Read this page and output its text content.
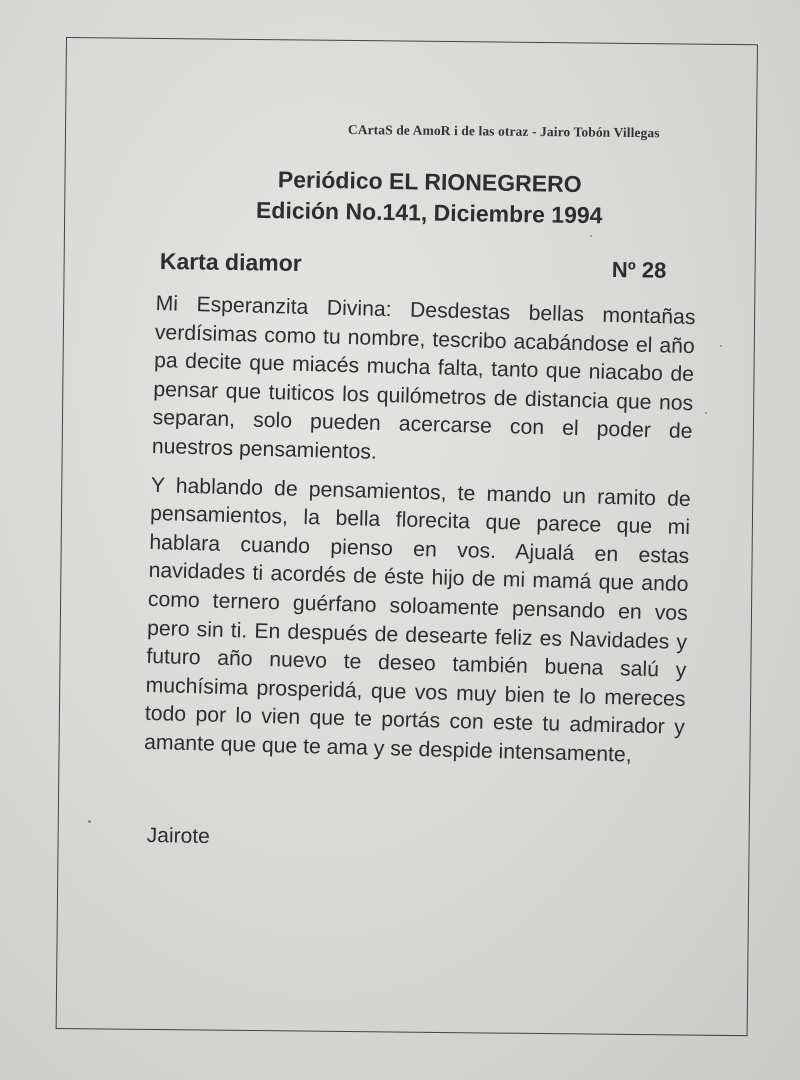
CArtaS de AmoR i de las otraz - Jairo Tobón Villegas
Periódico EL RIONEGRERO
Edición No.141, Diciembre 1994
Karta diamor	Nº 28

Mi Esperanzita Divina: Desdestas bellas montañas verdísimas como tu nombre, tescribo acabándose el año pa decite que miacés mucha falta, tanto que niacabo de pensar que tuiticos los quilómetros de distancia que nos separan, solo pueden acercarse con el poder de nuestros pensamientos.

Y hablando de pensamientos, te mando un ramito de pensamientos, la bella florecita que parece que mi hablara cuando pienso en vos. Ajualá en estas navidades ti acordés de éste hijo de mi mamá que ando como ternero guérfano soloamente pensando en vos pero sin ti. En después de desearte feliz es Navidades y futuro año nuevo te deseo también buena salú y muchísima prosperidá, que vos muy bien te lo mereces todo por lo vien que te portás con este tu admirador y amante que que te ama y se despide intensamente,

Jairote
